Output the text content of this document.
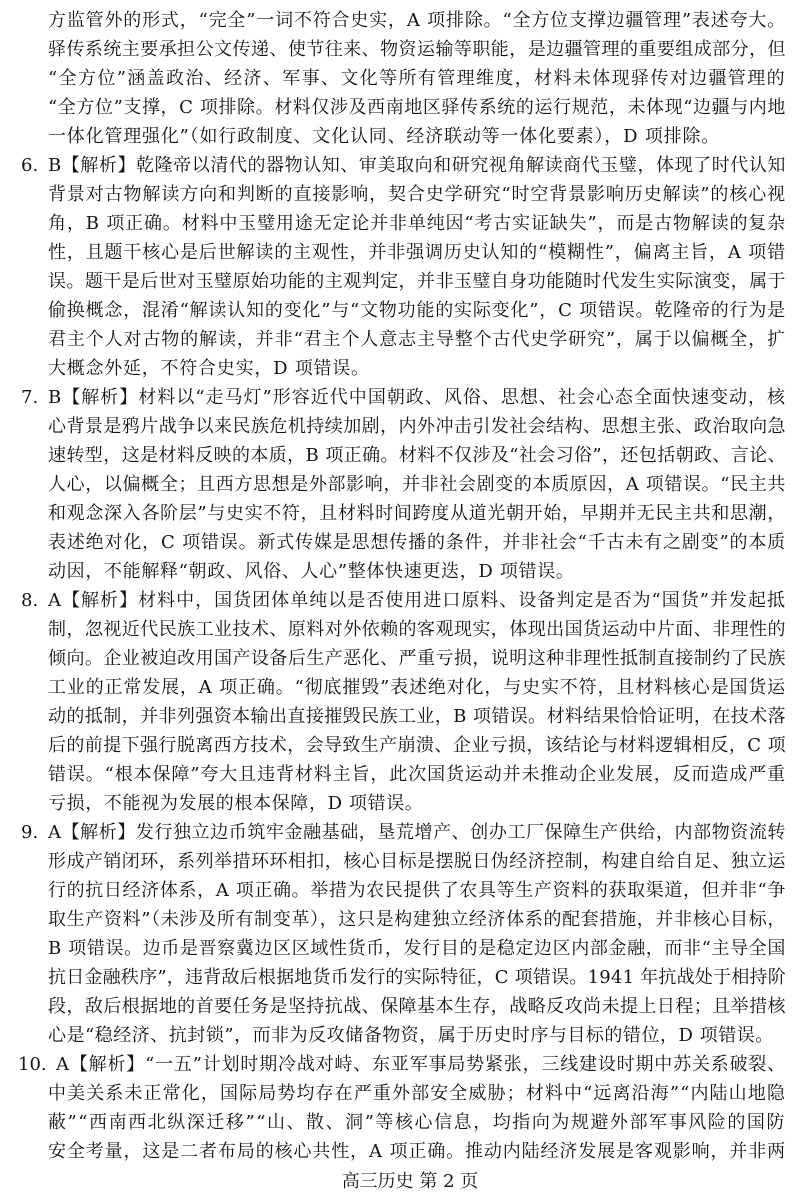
方监管外的形式，“完全”一词不符合史实，A 项排除。“全方位支撑边疆管理”表述夸大。
驿传系统主要承担公文传递、使节往来、物资运输等职能，是边疆管理的重要组成部分，但
“全方位”涵盖政治、经济、军事、文化等所有管理维度，材料未体现驿传对边疆管理的
“全方位”支撑，C 项排除。材料仅涉及西南地区驿传系统的运行规范，未体现“边疆与内地
一体化管理强化”（如行政制度、文化认同、经济联动等一体化要素），D 项排除。
6. B【解析】乾隆帝以清代的器物认知、审美取向和研究视角解读商代玉璧，体现了时代认知
背景对古物解读方向和判断的直接影响，契合史学研究“时空背景影响历史解读”的核心视
角，B 项正确。材料中玉璧用途无定论并非单纯因“考古实证缺失”，而是古物解读的复杂
性，且题干核心是后世解读的主观性，并非强调历史认知的“模糊性”，偏离主旨，A 项错
误。题干是后世对玉璧原始功能的主观判定，并非玉璧自身功能随时代发生实际演变，属于
偷换概念，混淆“解读认知的变化”与“文物功能的实际变化”，C 项错误。乾隆帝的行为是
君主个人对古物的解读，并非“君主个人意志主导整个古代史学研究”，属于以偏概全，扩
大概念外延，不符合史实，D 项错误。
7. B【解析】材料以“走马灯”形容近代中国朝政、风俗、思想、社会心态全面快速变动，核
心背景是鸦片战争以来民族危机持续加剧，内外冲击引发社会结构、思想主张、政治取向急
速转型，这是材料反映的本质，B 项正确。材料不仅涉及“社会习俗”，还包括朝政、言论、
人心，以偏概全；且西方思想是外部影响，并非社会剧变的本质原因，A 项错误。“民主共
和观念深入各阶层”与史实不符，且材料时间跨度从道光朝开始，早期并无民主共和思潮，
表述绝对化，C 项错误。新式传媒是思想传播的条件，并非社会“千古未有之剧变”的本质
动因，不能解释“朝政、风俗、人心”整体快速更迭，D 项错误。
8. A【解析】材料中，国货团体单纯以是否使用进口原料、设备判定是否为“国货”并发起抵
制，忽视近代民族工业技术、原料对外依赖的客观现实，体现出国货运动中片面、非理性的
倾向。企业被迫改用国产设备后生产恶化、严重亏损，说明这种非理性抵制直接制约了民族
工业的正常发展，A 项正确。“彻底摧毁”表述绝对化，与史实不符，且材料核心是国货运
动的抵制，并非列强资本输出直接摧毁民族工业，B 项错误。材料结果恰恰证明，在技术落
后的前提下强行脱离西方技术，会导致生产崩溃、企业亏损，该结论与材料逻辑相反，C 项
错误。“根本保障”夸大且违背材料主旨，此次国货运动并未推动企业发展，反而造成严重
亏损，不能视为发展的根本保障，D 项错误。
9. A【解析】发行独立边币筑牢金融基础，垦荒增产、创办工厂保障生产供给，内部物资流转
形成产销闭环，系列举措环环相扣，核心目标是摆脱日伪经济控制，构建自给自足、独立运
行的抗日经济体系，A 项正确。举措为农民提供了农具等生产资料的获取渠道，但并非“争
取生产资料”（未涉及所有制变革），这只是构建独立经济体系的配套措施，并非核心目标，
B 项错误。边币是晋察冀边区区域性货币，发行目的是稳定边区内部金融，而非“主导全国
抗日金融秩序”，违背敌后根据地货币发行的实际特征，C 项错误。1941 年抗战处于相持阶
段，敌后根据地的首要任务是坚持抗战、保障基本生存，战略反攻尚未提上日程；且举措核
心是“稳经济、抗封锁”，而非为反攻储备物资，属于历史时序与目标的错位，D 项错误。
10. A【解析】“一五”计划时期冷战对峙、东亚军事局势紧张，三线建设时期中苏关系破裂、
中美关系未正常化，国际局势均存在严重外部安全威胁；材料中“远离沿海”“内陆山地隐
蔽”“西南西北纵深迁移”“山、散、洞”等核心信息，均指向为规避外部军事风险的国防
安全考量，这是二者布局的核心共性，A 项正确。推动内陆经济发展是客观影响，并非两
高三历史 第 2 页
